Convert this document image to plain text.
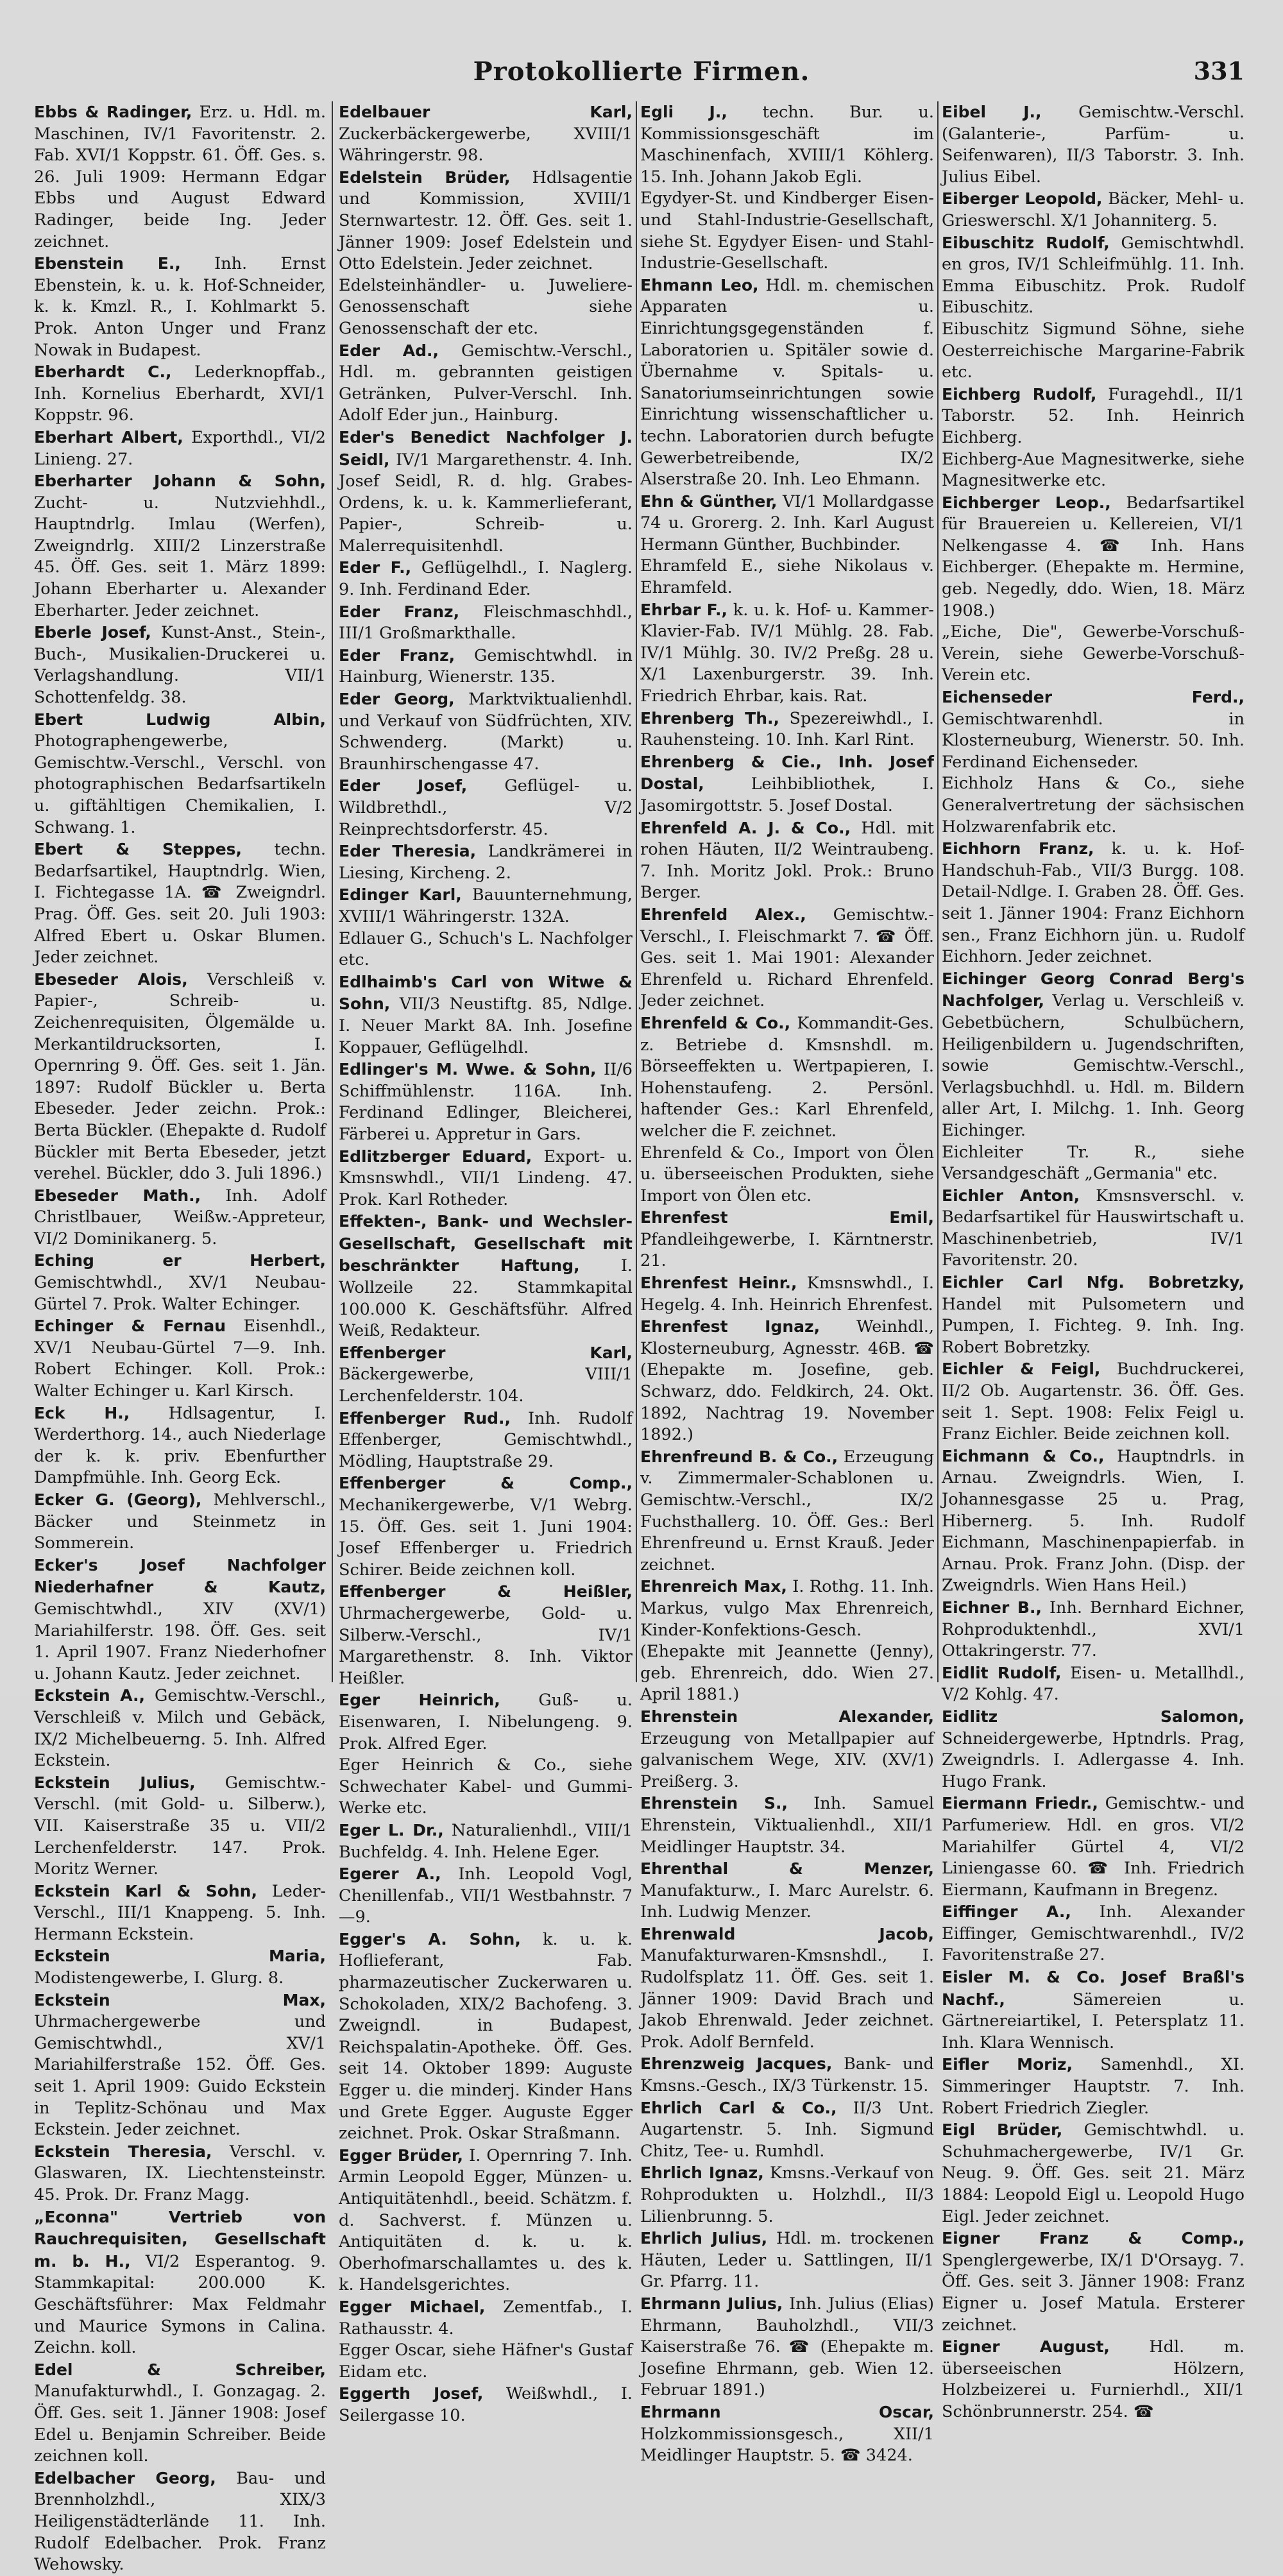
Protokollierte Firmen.	331

Ebbs & Radinger, Erz. u. Hdl. m. Maschinen, IV/1 Favoritenstr. 2. Fab. XVI/1 Koppstr. 61. Öff. Ges. s. 26. Juli 1909: Hermann Edgar Ebbs und August Edward Radinger, beide Ing. Jeder zeichnet.

Ebenstein E., Inh. Ernst Ebenstein, k. u. k. Hof-Schneider, k. k. Kmzl. R., I. Kohlmarkt 5. Prok. Anton Unger und Franz Nowak in Budapest.

Eberhardt C., Lederknopffab., Inh. Kornelius Eberhardt, XVI/1 Koppstr. 96.

Eberhart Albert, Exporthdl., VI/2 Linieng. 27.

Eberharter Johann & Sohn, Zucht- u. Nutzviehhdl., Hauptndrlg. Imlau (Werfen), Zweigndrlg. XIII/2 Linzerstraße 45. Öff. Ges. seit 1. März 1899: Johann Eberharter u. Alexander Eberharter. Jeder zeichnet.

Eberle Josef, Kunst-Anst., Stein-, Buch-, Musikalien-Druckerei u. Verlagshandlung. VII/1 Schottenfeldg. 38.

Ebert Ludwig Albin, Photographengewerbe, Gemischtw.-Verschl., Verschl. von photographischen Bedarfsartikeln u. giftähltigen Chemikalien, I. Schwang. 1.

Ebert & Steppes, techn. Bedarfsartikel, Hauptndrlg. Wien, I. Fichtegasse 1A. ☎ Zweigndrl. Prag. Öff. Ges. seit 20. Juli 1903: Alfred Ebert u. Oskar Blumen. Jeder zeichnet.

Ebeseder Alois, Verschleiß v. Papier-, Schreib- u. Zeichenrequisiten, Ölgemälde u. Merkantildrucksorten, I. Opernring 9. Öff. Ges. seit 1. Jän. 1897: Rudolf Bückler u. Berta Ebeseder. Jeder zeichn. Prok.: Berta Bückler. (Ehepakte d. Rudolf Bückler mit Berta Ebeseder, jetzt verehel. Bückler, ddo 3. Juli 1896.)

Ebeseder Math., Inh. Adolf Christlbauer, Weißw.-Appreteur, VI/2 Dominikanerg. 5.

Eching er Herbert, Gemischtwhdl., XV/1 Neubau-Gürtel 7. Prok. Walter Echinger.

Echinger & Fernau Eisenhdl., XV/1 Neubau-Gürtel 7—9. Inh. Robert Echinger. Koll. Prok.: Walter Echinger u. Karl Kirsch.

Eck H., Hdlsagentur, I. Werderthorg. 14., auch Niederlage der k. k. priv. Ebenfurther Dampfmühle. Inh. Georg Eck.

Ecker G. (Georg), Mehlverschl., Bäcker und Steinmetz in Sommerein.

Ecker's Josef Nachfolger Niederhafner & Kautz, Gemischtwhdl., XIV (XV/1) Mariahilferstr. 198. Öff. Ges. seit 1. April 1907. Franz Niederhofner u. Johann Kautz. Jeder zeichnet.

Eckstein A., Gemischtw.-Verschl., Verschleiß v. Milch und Gebäck, IX/2 Michelbeuerng. 5. Inh. Alfred Eckstein.

Eckstein Julius, Gemischtw.-Verschl. (mit Gold- u. Silberw.), VII. Kaiserstraße 35 u. VII/2 Lerchenfelderstr. 147. Prok. Moritz Werner.

Eckstein Karl & Sohn, Leder-Verschl., III/1 Knappeng. 5. Inh. Hermann Eckstein.

Eckstein Maria, Modistengewerbe, I. Glurg. 8.

Eckstein Max, Uhrmachergewerbe und Gemischtwhdl., XV/1 Mariahilferstraße 152. Öff. Ges. seit 1. April 1909: Guido Eckstein in Teplitz-Schönau und Max Eckstein. Jeder zeichnet.

Eckstein Theresia, Verschl. v. Glaswaren, IX. Liechtensteinstr. 45. Prok. Dr. Franz Magg.

„Econna" Vertrieb von Rauchrequisiten, Gesellschaft m. b. H., VI/2 Esperantog. 9. Stammkapital: 200.000 K. Geschäftsführer: Max Feldmahr und Maurice Symons in Calina. Zeichn. koll.

Edel & Schreiber, Manufakturwhdl., I. Gonzagag. 2. Öff. Ges. seit 1. Jänner 1908: Josef Edel u. Benjamin Schreiber. Beide zeichnen koll.

Edelbacher Georg, Bau- und Brennholzhdl., XIX/3 Heiligenstädterlände 11. Inh. Rudolf Edelbacher. Prok. Franz Wehowsky.

Edelbauer Karl, Zuckerbäckergewerbe, XVIII/1 Währingerstr. 98.

Edelstein Brüder, Hdlsagentie und Kommission, XVIII/1 Sternwartestr. 12. Öff. Ges. seit 1. Jänner 1909: Josef Edelstein und Otto Edelstein. Jeder zeichnet.

Edelsteinhändler- u. Juweliere-Genossenschaft siehe Genossenschaft der etc.

Eder Ad., Gemischtw.-Verschl., Hdl. m. gebrannten geistigen Getränken, Pulver-Verschl. Inh. Adolf Eder jun., Hainburg.

Eder's Benedict Nachfolger J. Seidl, IV/1 Margarethenstr. 4. Inh. Josef Seidl, R. d. hlg. Grabes-Ordens, k. u. k. Kammerlieferant, Papier-, Schreib- u. Malerrequisitenhdl.

Eder F., Geflügelhdl., I. Naglerg. 9. Inh. Ferdinand Eder.

Eder Franz, Fleischmaschhdl., III/1 Großmarkthalle.

Eder Franz, Gemischtwhdl. in Hainburg, Wienerstr. 135.

Eder Georg, Marktviktualienhdl. und Verkauf von Südfrüchten, XIV. Schwenderg. (Markt) u. Braunhirschengasse 47.

Eder Josef, Geflügel- u. Wildbrethdl., V/2 Reinprechtsdorferstr. 45.

Eder Theresia, Landkrämerei in Liesing, Kircheng. 2.

Edinger Karl, Bauunternehmung, XVIII/1 Währingerstr. 132A.

Edlauer G., Schuch's L. Nachfolger etc.

Edlhaimb's Carl von Witwe & Sohn, VII/3 Neustiftg. 85, Ndlge. I. Neuer Markt 8A. Inh. Josefine Koppauer, Geflügelhdl.

Edlinger's M. Wwe. & Sohn, II/6 Schiffmühlenstr. 116A. Inh. Ferdinand Edlinger, Bleicherei, Färberei u. Appretur in Gars.

Edlitzberger Eduard, Export- u. Kmsnswhdl., VII/1 Lindeng. 47. Prok. Karl Rotheder.

Effekten-, Bank- und Wechsler-Gesellschaft, Gesellschaft mit beschränkter Haftung,	I. Wollzeile 22. Stammkapital 100.000 K. Geschäftsführ. Alfred Weiß, Redakteur.

Effenberger Karl, Bäckergewerbe, VIII/1 Lerchenfelderstr. 104.

Effenberger Rud., Inh. Rudolf Effenberger, Gemischtwhdl., Mödling, Hauptstraße 29.

Effenberger & Comp., Mechanikergewerbe, V/1 Webrg. 15. Öff. Ges. seit 1. Juni 1904: Josef Effenberger u. Friedrich Schirer. Beide zeichnen koll.

Effenberger & Heißler, Uhrmachergewerbe, Gold- u. Silberw.-Verschl., IV/1 Margarethenstr. 8. Inh. Viktor Heißler.

Eger Heinrich, Guß- u. Eisenwaren, I. Nibelungeng. 9. Prok. Alfred Eger.

Eger Heinrich & Co., siehe Schwechater Kabel- und Gummi-Werke etc.

Eger L. Dr., Naturalienhdl., VIII/1 Buchfeldg. 4. Inh. Helene Eger.

Egerer A., Inh. Leopold Vogl, Chenillenfab., VII/1 Westbahnstr. 7—9.

Egger's A. Sohn, k. u. k. Hoflieferant, Fab. pharmazeutischer Zuckerwaren u. Schokoladen, XIX/2 Bachofeng. 3. Zweigndl. in Budapest, Reichspalatin-Apotheke. Öff. Ges. seit 14. Oktober 1899: Auguste Egger u. die minderj. Kinder Hans und Grete Egger. Auguste Egger zeichnet. Prok. Oskar Straßmann.

Egger Brüder, I. Opernring 7. Inh. Armin Leopold Egger, Münzen- u. Antiquitätenhdl., beeid. Schätzm. f. d. Sachverst. f. Münzen u. Antiquitäten d. k. u. k. Oberhofmarschallamtes u. des k. k. Handelsgerichtes.

Egger Michael, Zementfab., I. Rathausstr. 4.

Egger Oscar, siehe Häfner's Gustaf Eidam etc.

Eggerth Josef, Weißwhdl., I. Seilergasse 10.

Egli J., techn. Bur. u. Kommissionsgeschäft im Maschinenfach, XVIII/1 Köhlerg. 15. Inh. Johann Jakob Egli.

Egydyer-St. und Kindberger Eisen- und Stahl-Industrie-Gesellschaft, siehe St. Egydyer Eisen- und Stahl-Industrie-Gesellschaft.

Ehmann Leo, Hdl. m. chemischen Apparaten u. Einrichtungsgegenständen f. Laboratorien u. Spitäler sowie d. Übernahme v. Spitals- u. Sanatoriumseinrichtungen sowie Einrichtung wissenschaftlicher u. techn. Laboratorien durch befugte Gewerbetreibende, IX/2 Alserstraße 20. Inh. Leo Ehmann.

Ehn & Günther, VI/1 Mollardgasse 74 u. Grorerg. 2. Inh. Karl August Hermann Günther, Buchbinder.

Ehramfeld E., siehe Nikolaus v. Ehramfeld.

Ehrbar F., k. u. k. Hof- u. Kammer-Klavier-Fab. IV/1 Mühlg. 28. Fab. IV/1 Mühlg. 30. IV/2 Preßg. 28 u. X/1 Laxenburgerstr. 39. Inh. Friedrich Ehrbar, kais. Rat.

Ehrenberg Th., Spezereiwhdl., I. Rauhensteing. 10. Inh. Karl Rint.

Ehrenberg & Cie., Inh. Josef Dostal,	Leihbibliothek, I. Jasomirgottstr. 5. Josef Dostal.

Ehrenfeld A. J. & Co., Hdl. mit rohen Häuten, II/2 Weintraubeng. 7. Inh. Moritz Jokl. Prok.: Bruno Berger.

Ehrenfeld Alex., Gemischtw.-Verschl., I. Fleischmarkt 7. ☎ Öff. Ges. seit 1. Mai 1901: Alexander Ehrenfeld u. Richard Ehrenfeld. Jeder zeichnet.

Ehrenfeld & Co., Kommandit-Ges. z. Betriebe d. Kmsnshdl. m. Börseeffekten u. Wertpapieren, I. Hohenstaufeng. 2. Persönl. haftender Ges.: Karl Ehrenfeld, welcher die F. zeichnet.

Ehrenfeld & Co., Import von Ölen u. überseeischen Produkten, siehe Import von Ölen etc.

Ehrenfest Emil, Pfandleihgewerbe, I. Kärntnerstr. 21.

Ehrenfest Heinr., Kmsnswhdl., I. Hegelg. 4. Inh. Heinrich Ehrenfest.

Ehrenfest Ignaz, Weinhdl., Klosterneuburg, Agnesstr. 46B. ☎ (Ehepakte m. Josefine, geb. Schwarz, ddo. Feldkirch, 24. Okt. 1892, Nachtrag 19. November 1892.)

Ehrenfreund B. & Co., Erzeugung v. Zimmermaler-Schablonen u. Gemischtw.-Verschl., IX/2 Fuchsthallerg. 10. Öff. Ges.: Berl Ehrenfreund u. Ernst Krauß. Jeder zeichnet.

Ehrenreich Max, I. Rothg. 11. Inh. Markus, vulgo Max Ehrenreich, Kinder-Konfektions-Gesch. (Ehepakte mit Jeannette (Jenny), geb. Ehrenreich, ddo. Wien 27. April 1881.)

Ehrenstein Alexander, Erzeugung von Metallpapier auf galvanischem Wege, XIV. (XV/1) Preißerg. 3.

Ehrenstein S., Inh. Samuel Ehrenstein, Viktualienhdl., XII/1 Meidlinger Hauptstr. 34.

Ehrenthal & Menzer, Manufakturw., I. Marc Aurelstr. 6. Inh. Ludwig Menzer.

Ehrenwald Jacob, Manufakturwaren-Kmsnshdl., I. Rudolfsplatz 11. Öff. Ges. seit 1. Jänner 1909: David Brach und Jakob Ehrenwald. Jeder zeichnet. Prok. Adolf Bernfeld.

Ehrenzweig Jacques, Bank- und Kmsns.-Gesch., IX/3 Türkenstr. 15.

Ehrlich Carl & Co., II/3 Unt. Augartenstr. 5. Inh. Sigmund Chitz, Tee- u. Rumhdl.

Ehrlich Ignaz, Kmsns.-Verkauf von Rohprodukten u. Holzhdl., II/3 Lilienbrunng. 5.

Ehrlich Julius, Hdl. m. trockenen Häuten, Leder u. Sattlingen, II/1 Gr. Pfarrg. 11.

Ehrmann Julius, Inh. Julius (Elias) Ehrmann, Bauholzhdl., VII/3 Kaiserstraße 76. ☎ (Ehepakte m. Josefine Ehrmann, geb. Wien 12. Februar 1891.)

Ehrmann Oscar, Holzkommissionsgesch., XII/1 Meidlinger Hauptstr. 5. ☎ 3424.

Eibel J., Gemischtw.-Verschl. (Galanterie-, Parfüm- u. Seifenwaren), II/3 Taborstr. 3. Inh. Julius Eibel.

Eiberger Leopold, Bäcker, Mehl- u. Grieswerschl. X/1 Johanniterg. 5.

Eibuschitz Rudolf, Gemischtwhdl. en gros, IV/1 Schleifmühlg. 11. Inh. Emma Eibuschitz. Prok. Rudolf Eibuschitz.

Eibuschitz Sigmund Söhne, siehe Oesterreichische Margarine-Fabrik etc.

Eichberg Rudolf, Furagehdl., II/1 Taborstr. 52. Inh. Heinrich Eichberg.

Eichberg-Aue Magnesitwerke, siehe Magnesitwerke etc.

Eichberger Leop., Bedarfsartikel für Brauereien u. Kellereien, VI/1 Nelkengasse 4. ☎ Inh. Hans Eichberger. (Ehepakte m. Hermine, geb. Negedly, ddo. Wien, 18. März 1908.)

„Eiche, Die", Gewerbe-Vorschuß-Verein, siehe Gewerbe-Vorschuß-Verein etc.

Eichenseder Ferd., Gemischtwarenhdl. in Klosterneuburg, Wienerstr. 50. Inh. Ferdinand Eichenseder.

Eichholz Hans & Co., siehe Generalvertretung der sächsischen Holzwarenfabrik etc.

Eichhorn Franz, k. u. k. Hof-Handschuh-Fab., VII/3 Burgg. 108. Detail-Ndlge. I. Graben 28. Öff. Ges. seit 1. Jänner 1904: Franz Eichhorn sen., Franz Eichhorn jün. u. Rudolf Eichhorn. Jeder zeichnet.

Eichinger Georg Conrad Berg's Nachfolger, Verlag u. Verschleiß v. Gebetbüchern, Schulbüchern, Heiligenbildern u. Jugendschriften, sowie Gemischtw.-Verschl., Verlagsbuchhdl. u. Hdl. m. Bildern aller Art, I. Milchg. 1. Inh. Georg Eichinger.

Eichleiter Tr. R., siehe Versandgeschäft „Germania" etc.

Eichler Anton, Kmsnsverschl. v. Bedarfsartikel für Hauswirtschaft u. Maschinenbetrieb, IV/1 Favoritenstr. 20.

Eichler Carl Nfg. Bobretzky, Handel mit Pulsometern und Pumpen, I. Fichteg. 9. Inh. Ing. Robert Bobretzky.

Eichler & Feigl, Buchdruckerei, II/2 Ob. Augartenstr. 36. Öff. Ges. seit 1. Sept. 1908: Felix Feigl u. Franz Eichler. Beide zeichnen koll.

Eichmann & Co., Hauptndrls. in Arnau. Zweigndrls. Wien, I. Johannesgasse 25 u. Prag, Hibernerg. 5. Inh. Rudolf Eichmann, Maschinenpapierfab. in Arnau. Prok. Franz John. (Disp. der Zweigndrls. Wien Hans Heil.)

Eichner B., Inh. Bernhard Eichner, Rohproduktenhdl., XVI/1 Ottakringerstr. 77.

Eidlit Rudolf, Eisen- u. Metallhdl., V/2 Kohlg. 47.

Eidlitz Salomon, Schneidergewerbe, Hptndrls. Prag, Zweigndrls. I. Adlergasse 4. Inh. Hugo Frank.

Eiermann Friedr., Gemischtw.- und Parfumeriew. Hdl. en gros. VI/2 Mariahilfer Gürtel 4, VI/2 Liniengasse 60. ☎ Inh. Friedrich Eiermann, Kaufmann in Bregenz.

Eiffinger A., Inh. Alexander Eiffinger, Gemischtwarenhdl., IV/2 Favoritenstraße 27.

Eisler M. & Co. Josef Braßl's Nachf.,	Sämereien u. Gärtnereiartikel, I. Petersplatz 11. Inh. Klara Wennisch.

Eifler Moriz, Samenhdl., XI. Simmeringer Hauptstr. 7. Inh. Robert Friedrich Ziegler.

Eigl Brüder, Gemischtwhdl. u. Schuhmachergewerbe, IV/1 Gr. Neug. 9. Öff. Ges. seit 21. März 1884: Leopold Eigl u. Leopold Hugo Eigl. Jeder zeichnet.

Eigner Franz & Comp., Spenglergewerbe, IX/1 D'Orsayg. 7. Öff. Ges. seit 3. Jänner 1908: Franz Eigner u. Josef Matula. Ersterer zeichnet.

Eigner August, Hdl. m. überseeischen Hölzern, Holzbeizerei u. Furnierhdl., XII/1 Schönbrunnerstr. 254. ☎
